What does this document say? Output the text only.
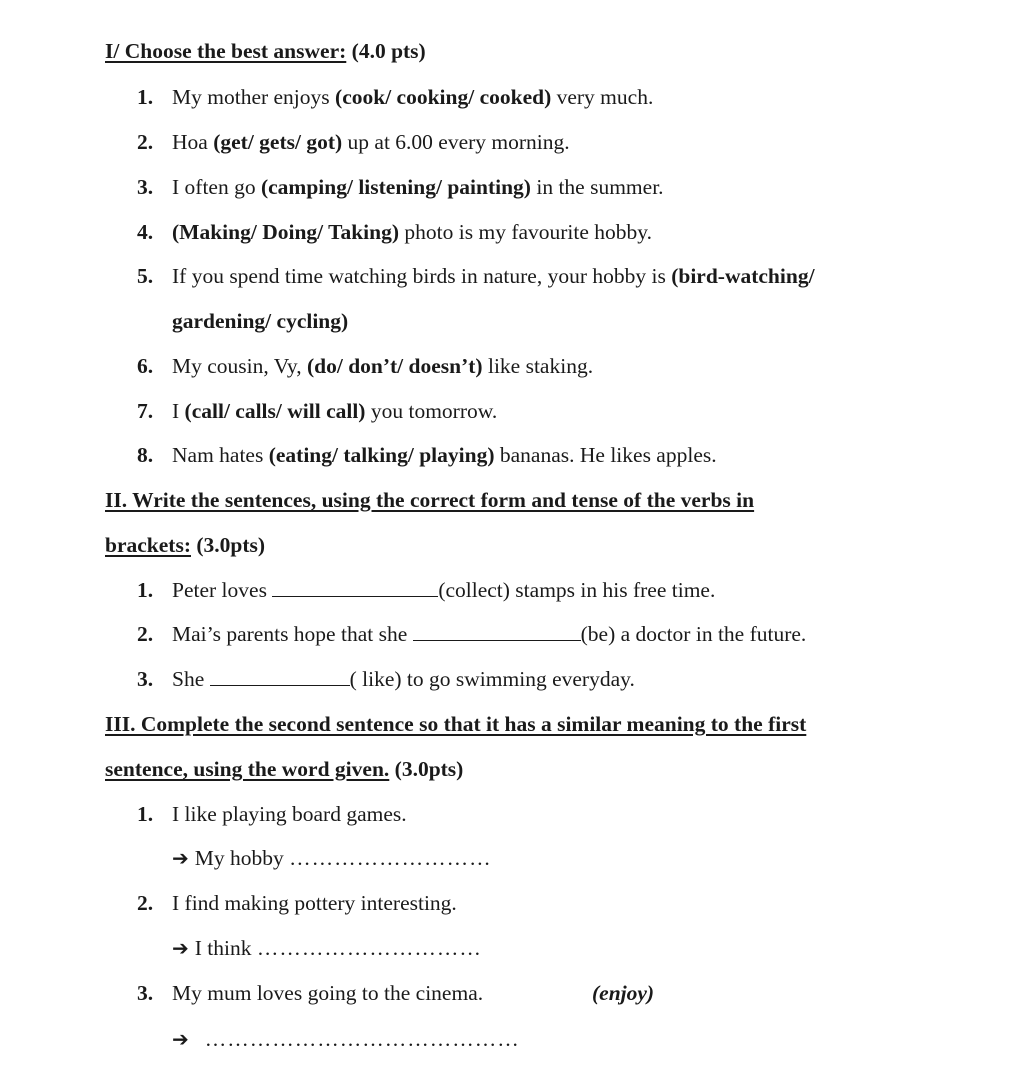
I/ Choose the best answer: (4.0 pts)
1. My mother enjoys (cook/ cooking/ cooked) very much.
2. Hoa (get/ gets/ got) up at 6.00 every morning.
3. I often go (camping/ listening/ painting) in the summer.
4. (Making/ Doing/ Taking) photo is my favourite hobby.
5. If you spend time watching birds in nature, your hobby is (bird-watching/
gardening/ cycling)
6. My cousin, Vy, (do/ don’t/ doesn’t) like staking.
7. I (call/ calls/ will call) you tomorrow.
8. Nam hates (eating/ talking/ playing) bananas. He likes apples.
II. Write the sentences, using the correct form and tense of the verbs in
brackets: (3.0pts)
1. Peter loves	(collect) stamps in his free time.
2. Mai’s parents hope that she	(be) a doctor in the future.
3. She	( like) to go swimming everyday.
III. Complete the second sentence so that it has a similar meaning to the first
sentence, using the word given. (3.0pts)
1. I like playing board games.
➔ My hobby ………………………
2. I find making pottery interesting.
➔ I think …………………………
3. My mum loves going to the cinema.	(enjoy)
➔ ……………………………………
